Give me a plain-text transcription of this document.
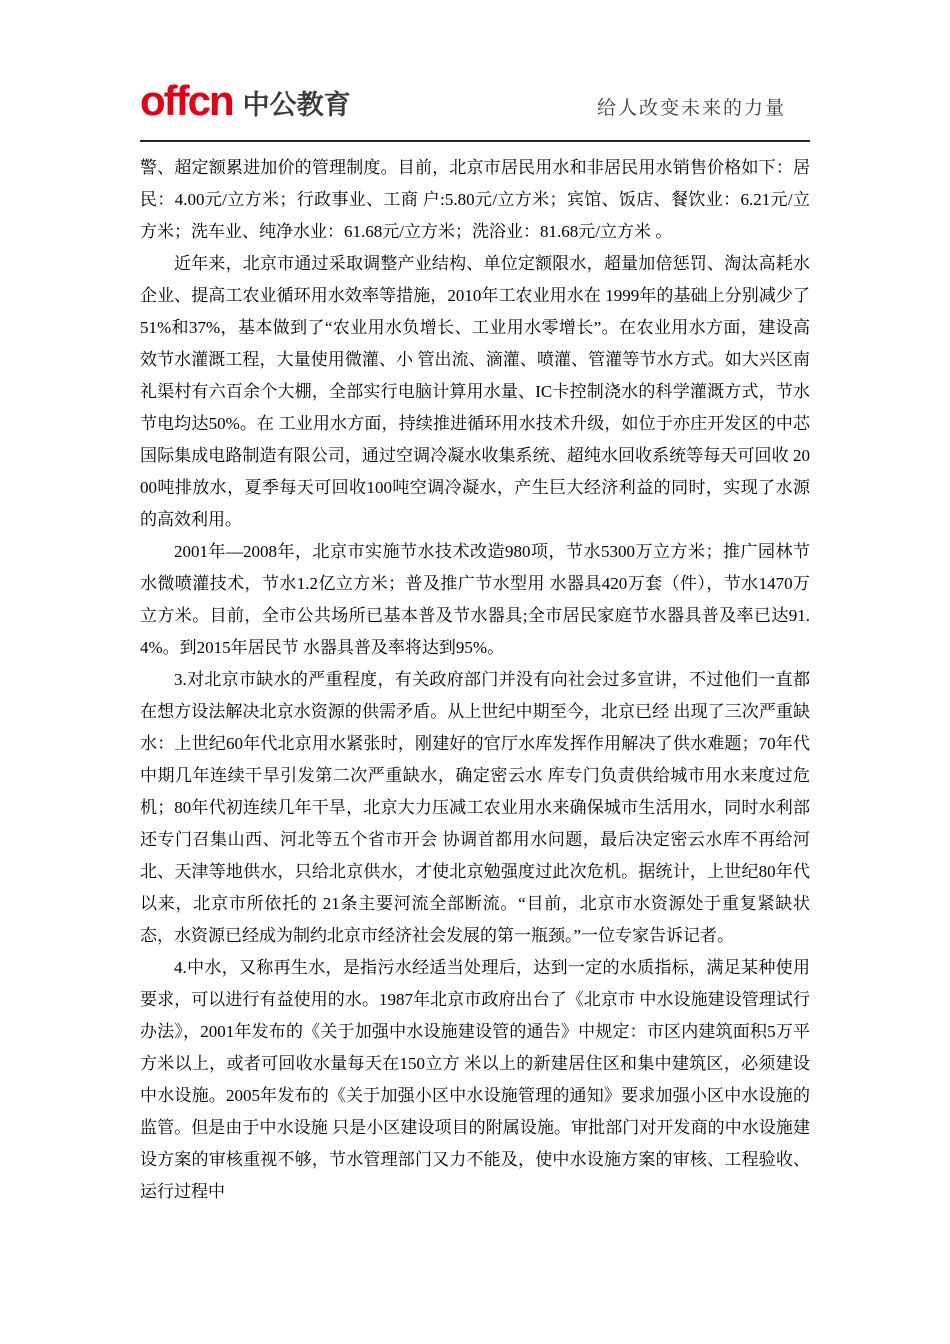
offcn 中公教育	给人改变未来的力量

警、超定额累进加价的管理制度。目前，北京市居民用水和非居民用水销售价格如下：居民：4.00元/立方米；行政事业、工商 户:5.80元/立方米；宾馆、饭店、餐饮业：6.21元/立方米；洗车业、纯净水业：61.68元/立方米；洗浴业：81.68元/立方米 。

近年来，北京市通过采取调整产业结构、单位定额限水，超量加倍惩罚、淘汰高耗水企业、提高工农业循环用水效率等措施，2010年工农业用水在 1999年的基础上分别减少了51%和37%，基本做到了“农业用水负增长、工业用水零增长”。在农业用水方面，建设高效节水灌溉工程，大量使用微灌、小 管出流、滴灌、喷灌、管灌等节水方式。如大兴区南礼渠村有六百余个大棚，全部实行电脑计算用水量、IC卡控制浇水的科学灌溉方式，节水节电均达50%。在 工业用水方面，持续推进循环用水技术升级，如位于亦庄开发区的中芯国际集成电路制造有限公司，通过空调冷凝水收集系统、超纯水回收系统等每天可回收 2000吨排放水，夏季每天可回收100吨空调冷凝水，产生巨大经济利益的同时，实现了水源的高效利用。

2001年—2008年，北京市实施节水技术改造980项，节水5300万立方米；推广园林节水微喷灌技术，节水1.2亿立方米；普及推广节水型用 水器具420万套（件），节水1470万立方米。目前，全市公共场所已基本普及节水器具;全市居民家庭节水器具普及率已达91.4%。到2015年居民节 水器具普及率将达到95%。

3.对北京市缺水的严重程度，有关政府部门并没有向社会过多宣讲，不过他们一直都在想方设法解决北京水资源的供需矛盾。从上世纪中期至今，北京已经 出现了三次严重缺水：上世纪60年代北京用水紧张时，刚建好的官厅水库发挥作用解决了供水难题；70年代中期几年连续干旱引发第二次严重缺水，确定密云水 库专门负责供给城市用水来度过危机；80年代初连续几年干旱，北京大力压减工农业用水来确保城市生活用水，同时水利部还专门召集山西、河北等五个省市开会 协调首都用水问题，最后决定密云水库不再给河北、天津等地供水，只给北京供水，才使北京勉强度过此次危机。据统计，上世纪80年代以来，北京市所依托的 21条主要河流全部断流。“目前，北京市水资源处于重复紧缺状态，水资源已经成为制约北京市经济社会发展的第一瓶颈。”一位专家告诉记者。

4.中水，又称再生水，是指污水经适当处理后，达到一定的水质指标，满足某种使用要求，可以进行有益使用的水。1987年北京市政府出台了《北京市 中水设施建设管理试行办法》，2001年发布的《关于加强中水设施建设管的通告》中规定：市区内建筑面积5万平方米以上，或者可回收水量每天在150立方 米以上的新建居住区和集中建筑区，必须建设中水设施。2005年发布的《关于加强小区中水设施管理的通知》要求加强小区中水设施的监管。但是由于中水设施 只是小区建设项目的附属设施。审批部门对开发商的中水设施建设方案的审核重视不够，节水管理部门又力不能及，使中水设施方案的审核、工程验收、运行过程中
